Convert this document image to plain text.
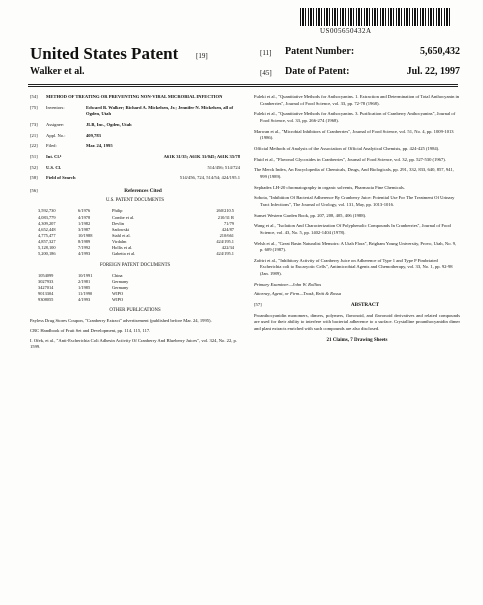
US005650432A
United States Patent	[19]
Walker et al.
[11] Patent Number:	5,650,432
[45] Date of Patent:	Jul. 22, 1997
[54]	METHOD OF TREATING OR PREVENTING NON-VIRAL MICROBIAL INFECTION
[75]	Inventors:	Edward B. Walker; Richard A. Mickelsen, Jr.; Jennifer N. Mickelsen, all of Ogden, Utah
[73]	Assignee:	JLB, Inc., Ogden, Utah
[21]	Appl. No.:	409,783
[22]	Filed:	Mar. 24, 1995
[51]	Int. Cl.⁶	A61K 31/35; A61K 31/045; A61K 35/78
[52]	U.S. Cl.	514/456; 514/724
[58]	Field of Search	514/456, 724, 514/54; 424/195.1
[56]	References Cited
U.S. PATENT DOCUMENTS
3,592,730	6/1976	Philip	260/210.5
4,083,779	4/1978	Combe et al.	210/31 R
4,309,207	1/1982	Devlin	71/79
4,652,448	3/1987	Sadowski	424/87
4,775,477	10/1988	Stahl et al.	210/661
4,857,327	8/1989	Virdalm	424/195.1
5,128,100	7/1992	Hollis et al.	422/34
5,200,186	4/1993	Gabetta et al.	424/195.1
FOREIGN PATENT DOCUMENTS
1054099	10/1991	China	
3027933	2/1981	Germany	
3427014	1/1985	Germany	
9013304	11/1990	WIPO	
9308055	4/1993	WIPO	
OTHER PUBLICATIONS
Payless Drug Stores Coupon, "Cranberry Extract" advertisement (published before Mar. 24, 1995).
CRC Handbook of Fruit Set and Development, pp. 114, 115, 117.
I. Ofek, et al., "Anti-Escherichia Coli Adhesin Activity Of Cranberry And Blueberry Juices", vol. 324, No. 22, p. 1599.
Fuleki et al., "Quantitative Methods for Anthocyanins. 1. Extraction and Determination of Total Anthocyanin in Cranberries", Journal of Food Science, vol. 33, pp. 72-78 (1968).
Fuleki et al., "Quantitative Methods for Anthocyanins. 3. Purification of Cranberry Anthocyanins", Journal of Food Science, vol. 33, pp. 266-274 (1968).
Marwan et al., "Microbial Inhibitors of Cranberries", Journal of Food Science, vol. 51, No. 4, pp. 1009-1013 (1986).
Official Methods of Analysis of the Association of Official Analytical Chemists, pp. 424-425 (1984).
Fluid et al., "Flavonol Glycosides in Cranberries", Journal of Food Science, vol. 32, pp. 527-530 (1967).
The Merck Index, An Encyclopedia of Chemicals, Drugs, And Biologicals, pp. 291, 332, 833, 640, 857, 941, 999 (1989).
Sephadex LH-20 chromatography in organic solvents, Pharmacia Fine Chemicals.
Sobota, "Inhibition Of Bacterial Adherence By Cranberry Juice: Potential Use For The Treatment Of Urinary Tract Infections", The Journal of Urology, vol. 131, May, pp. 1013-1016.
Sunset Western Garden Book, pp. 207, 208, 405, 406 (1988).
Wang et al., "Isolation And Characterization Of Polyphenolic Compounds In Cranberries", Journal of Food Science, vol. 43, No. 5, pp. 1402-1404 (1978).
Welsh et al., "Great Basin Naturalist Memoirs: A Utah Flora", Brigham Young University, Provo, Utah, No. 9, p. 609 (1987).
Zafriri et al., "Inhibitory Activity of Cranberry Juice on Adherence of Type 1 and Type P Fimbriated Escherichia coli to Eucaryotic Cells", Antimicrobial Agents and Chemotherapy, vol. 33, No. 1, pp. 92-98 (Jan. 1989).
Primary Examiner—John W. Rollins
Attorney, Agent, or Firm—Trask, Britt & Rossa
[57]	ABSTRACT
Proanthocyanidin monomers, dimers, polymers, flavonoid, and flavonoid derivatives and related compounds are used for their ability to interfere with bacterial adherence to a surface. Crystalline proanthocyanidin dimer and plant extracts enriched with such compounds are also disclosed.
21 Claims, 7 Drawing Sheets
